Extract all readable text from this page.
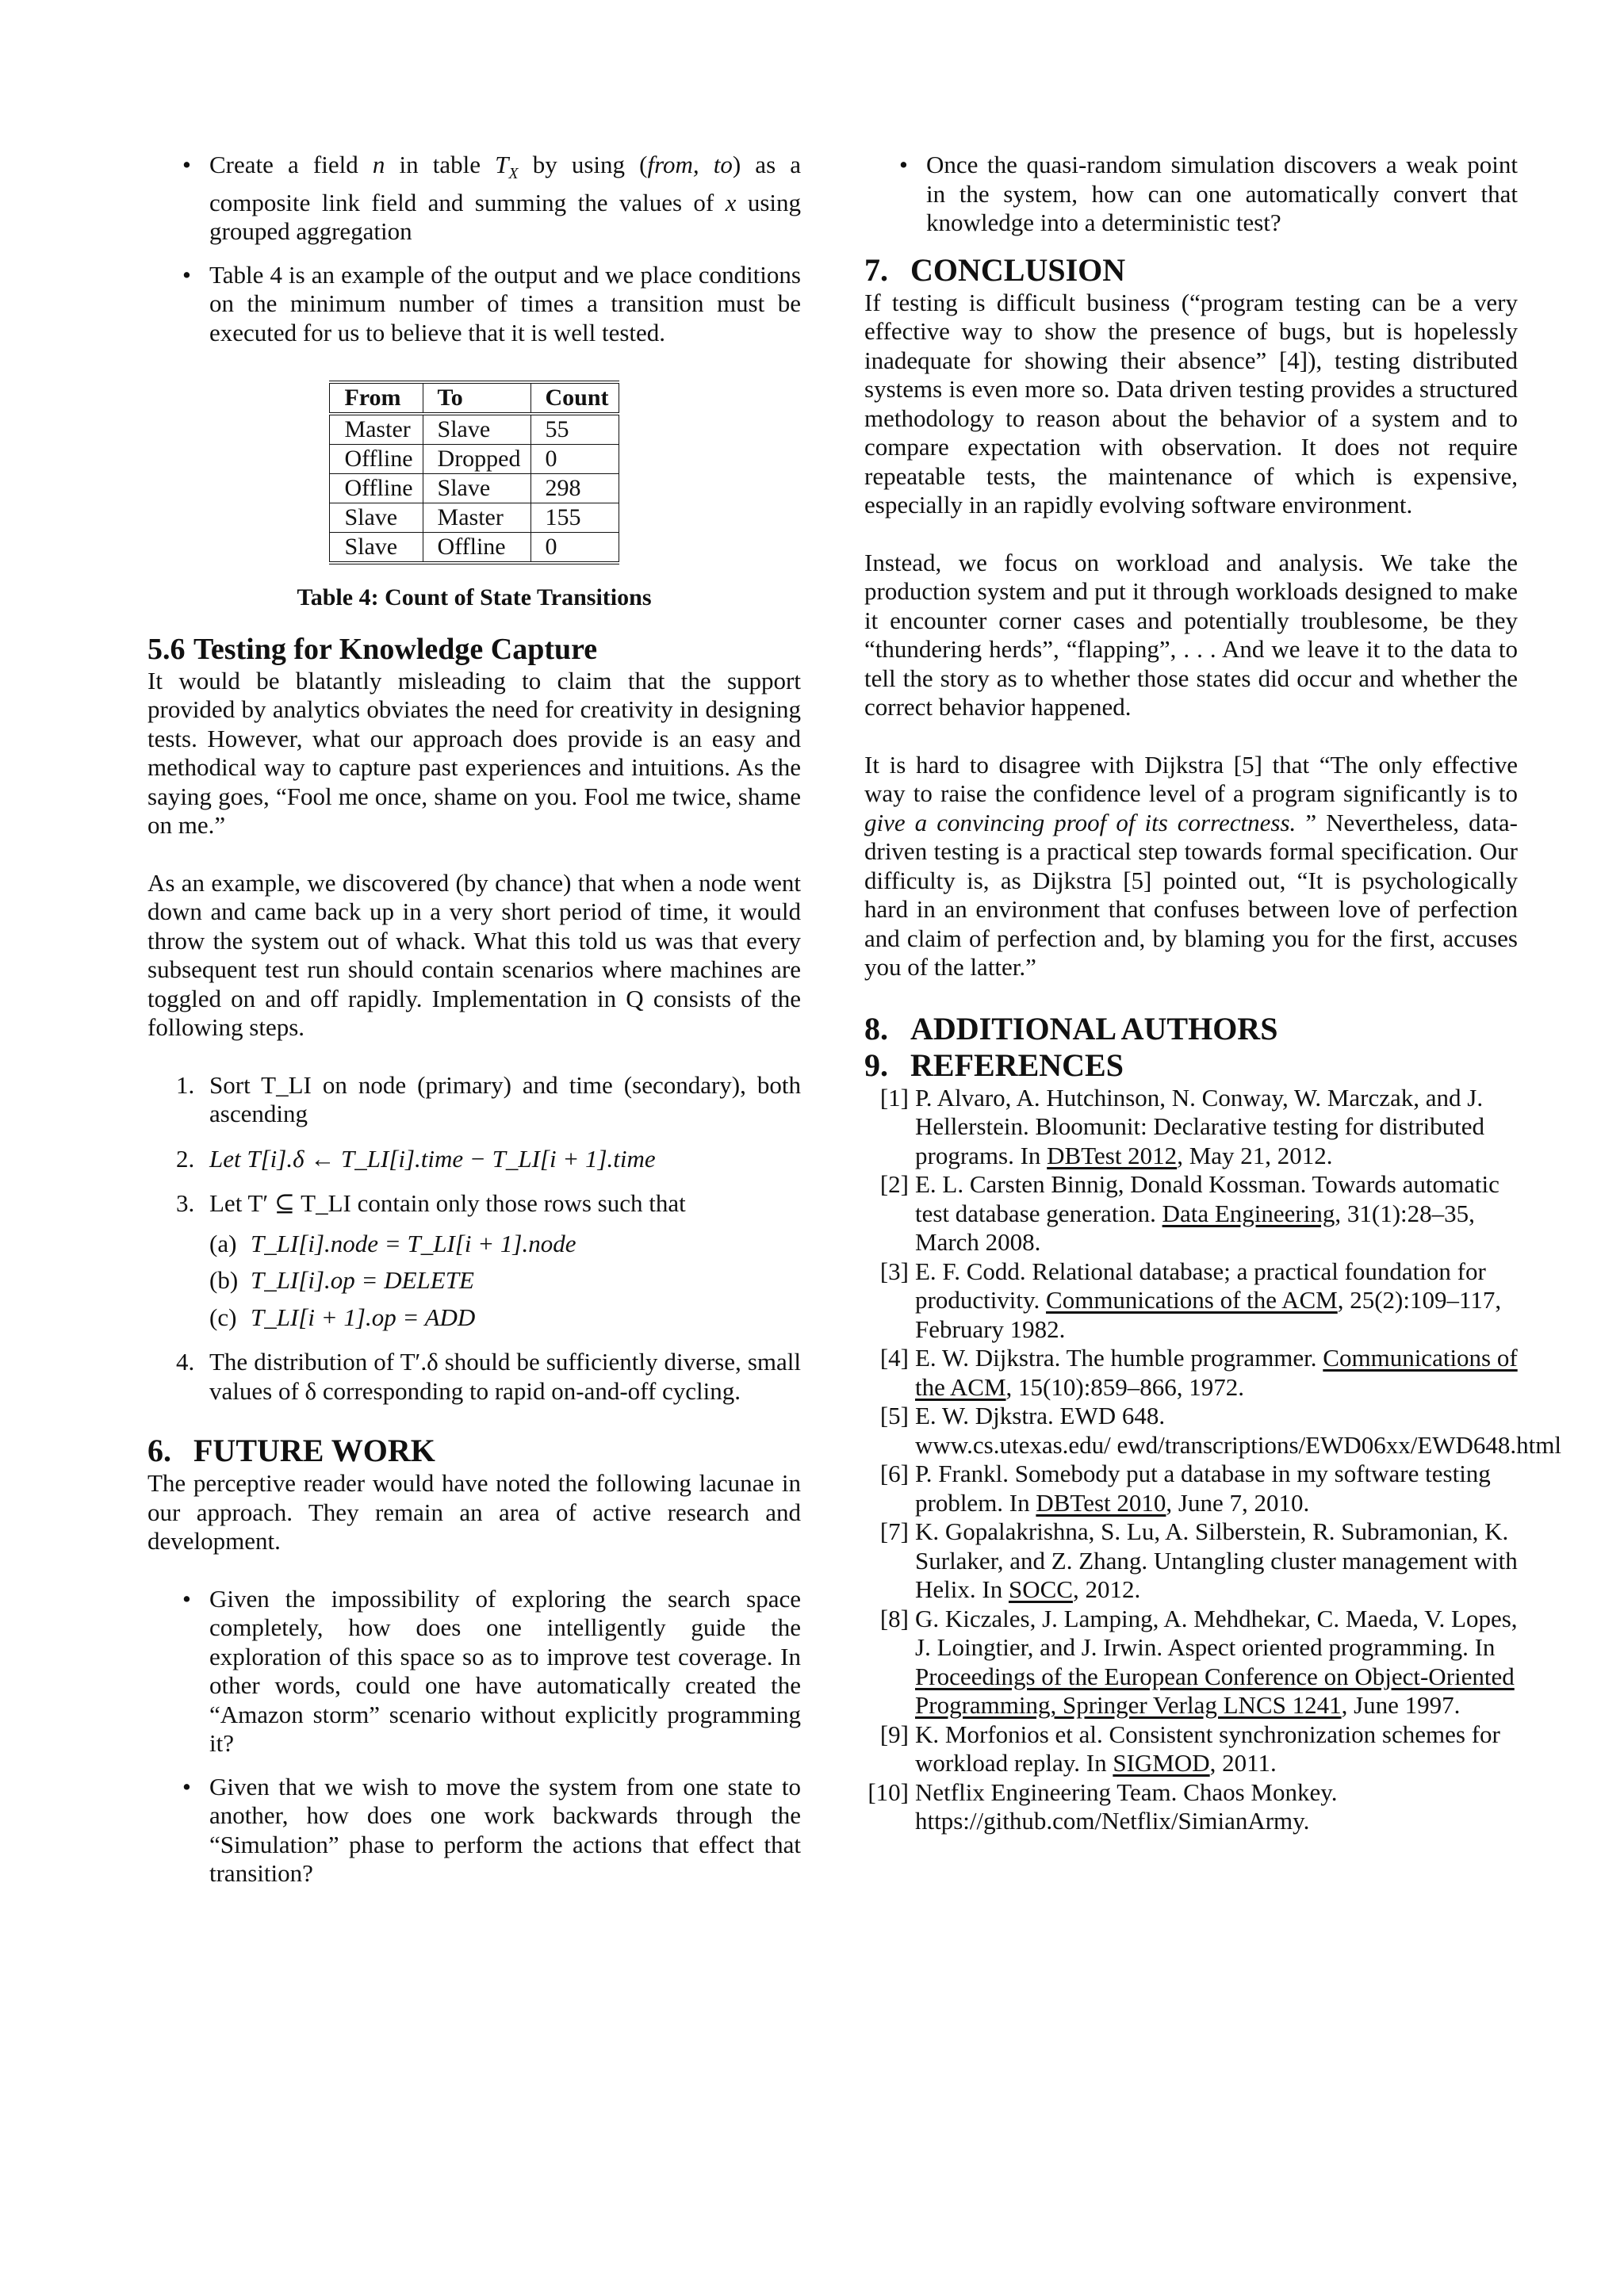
• Create a field n in table $T_X$ by using (from, to) as a composite link field and summing the values of x using grouped aggregation
• Table 4 is an example of the output and we place conditions on the minimum number of times a transition must be executed for us to believe that it is well tested.
From	To	Count
Master	Slave	55
Offline	Dropped	0
Offline	Slave	298
Slave	Master	155
Slave	Offline	0
Table 4: Count of State Transitions
5.6 Testing for Knowledge Capture

It would be blatantly misleading to claim that the support provided by analytics obviates the need for creativity in designing tests. However, what our approach does provide is an easy and methodical way to capture past experiences and intuitions. As the saying goes, “Fool me once, shame on you. Fool me twice, shame on me.”

As an example, we discovered (by chance) that when a node went down and came back up in a very short period of time, it would throw the system out of whack. What this told us was that every subsequent test run should contain scenarios where machines are toggled on and off rapidly. Implementation in Q consists of the following steps.

1. Sort T_LI on node (primary) and time (secondary), both ascending
2. Let T[i].δ ← T_LI[i].time − T_LI[i + 1].time
3. Let T′ ⊆ T_LI contain only those rows such that
(a) T_LI[i].node = T_LI[i + 1].node
(b) T_LI[i].op = DELETE
(c) T_LI[i + 1].op = ADD
4. The distribution of T′.δ should be sufficiently diverse, small values of δ corresponding to rapid on-and-off cycling.
6. FUTURE WORK

The perceptive reader would have noted the following lacunae in our approach. They remain an area of active research and development.

• Given the impossibility of exploring the search space completely, how does one intelligently guide the exploration of this space so as to improve test coverage. In other words, could one have automatically created the “Amazon storm” scenario without explicitly programming it?
• Given that we wish to move the system from one state to another, how does one work backwards through the “Simulation” phase to perform the actions that effect that transition?
• Once the quasi-random simulation discovers a weak point in the system, how can one automatically convert that knowledge into a deterministic test?
7. CONCLUSION

If testing is difficult business (“program testing can be a very effective way to show the presence of bugs, but is hopelessly inadequate for showing their absence” [4]), testing distributed systems is even more so. Data driven testing provides a structured methodology to reason about the behavior of a system and to compare expectation with observation. It does not require repeatable tests, the maintenance of which is expensive, especially in an rapidly evolving software environment.

Instead, we focus on workload and analysis. We take the production system and put it through workloads designed to make it encounter corner cases and potentially troublesome, be they “thundering herds”, “flapping”, . . . And we leave it to the data to tell the story as to whether those states did occur and whether the correct behavior happened.

It is hard to disagree with Dijkstra [5] that “The only effective way to raise the confidence level of a program significantly is to give a convincing proof of its correctness. ” Nevertheless, data-driven testing is a practical step towards formal specification. Our difficulty is, as Dijkstra [5] pointed out, “It is psychologically hard in an environment that confuses between love of perfection and claim of perfection and, by blaming you for the first, accuses you of the latter.”

8. ADDITIONAL AUTHORS
9. REFERENCES
[1] P. Alvaro, A. Hutchinson, N. Conway, W. Marczak, and J. Hellerstein. Bloomunit: Declarative testing for distributed programs. In DBTest 2012, May 21, 2012.
[2] E. L. Carsten Binnig, Donald Kossman. Towards automatic test database generation. Data Engineering, 31(1):28–35, March 2008.
[3] E. F. Codd. Relational database; a practical foundation for productivity. Communications of the ACM, 25(2):109–117, February 1982.
[4] E. W. Dijkstra. The humble programmer. Communications of the ACM, 15(10):859–866, 1972.
[5] E. W. Djkstra. EWD 648.
www.cs.utexas.edu/ ewd/transcriptions/EWD06xx/EWD648.html
[6] P. Frankl. Somebody put a database in my software testing problem. In DBTest 2010, June 7, 2010.
[7] K. Gopalakrishna, S. Lu, A. Silberstein, R. Subramonian, K. Surlaker, and Z. Zhang. Untangling cluster management with Helix. In SOCC, 2012.
[8] G. Kiczales, J. Lamping, A. Mehdhekar, C. Maeda, V. Lopes, J. Loingtier, and J. Irwin. Aspect oriented programming. In Proceedings of the European Conference on Object-Oriented Programming, Springer Verlag LNCS 1241, June 1997.
[9] K. Morfonios et al. Consistent synchronization schemes for workload replay. In SIGMOD, 2011.
[10] Netflix Engineering Team. Chaos Monkey.
https://github.com/Netflix/SimianArmy.
